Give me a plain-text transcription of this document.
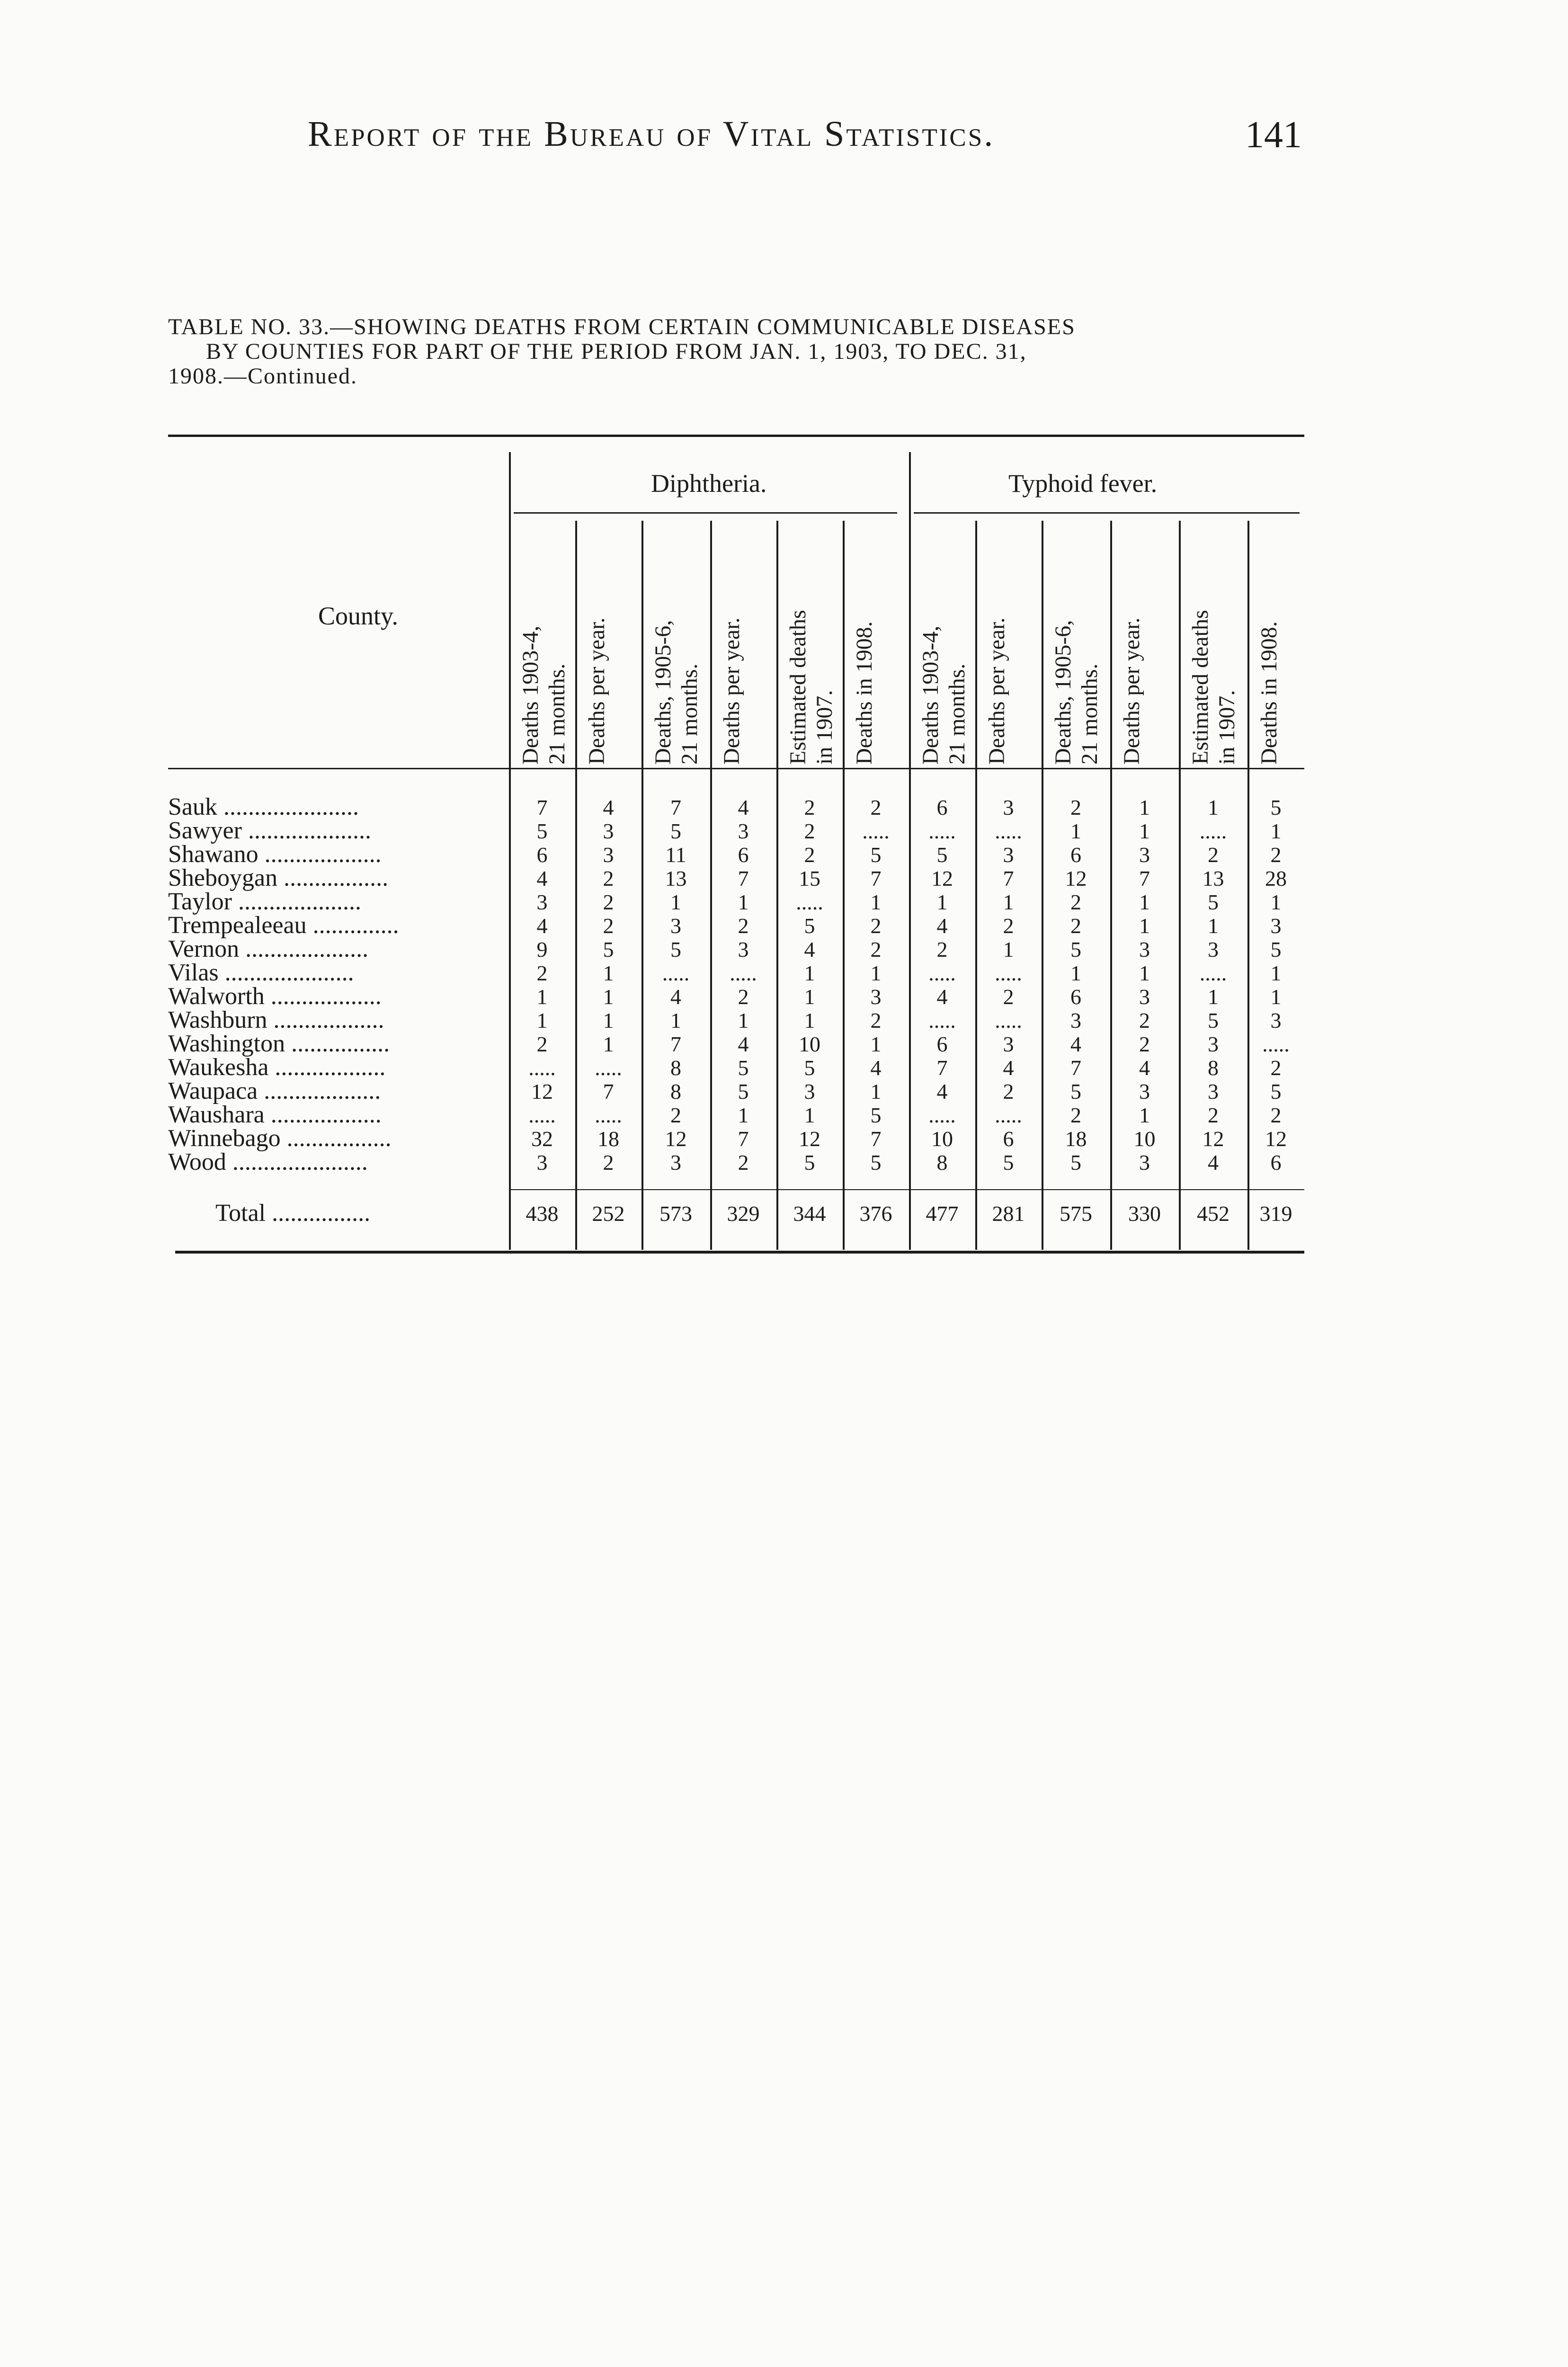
Report of the Bureau of Vital Statistics.	141
TABLE NO. 33.—SHOWING DEATHS FROM CERTAIN COMMUNICABLE DISEASES
BY COUNTIES FOR PART OF THE PERIOD FROM JAN. 1, 1903, TO DEC. 31,
1908.—Continued.
Diphtheria.	Typhoid fever.
County.
Deaths 1903-4, 21 months. Deaths per year. Deaths, 1905-6, 21 months. Deaths per year. Estimated deaths in 1907. Deaths in 1908. Deaths 1903-4, 21 months. Deaths per year. Deaths, 1905-6, 21 months. Deaths per year. Estimated deaths in 1907. Deaths in 1908.
Sauk ......................	7	4	7	4	2	2	6	3	2	1	1	5
Sawyer ....................	5	3	5	3	2	.....	.....	.....	1	1	.....	1
Shawano ...................	6	3	11	6	2	5	5	3	6	3	2	2
Sheboygan .................	4	2	13	7	15	7	12	7	12	7	13	28
Taylor ....................	3	2	1	1	.....	1	1	1	2	1	5	1
Trempealeeau ..............	4	2	3	2	5	2	4	2	2	1	1	3
Vernon ....................	9	5	5	3	4	2	2	1	5	3	3	5
Vilas .....................	2	1	.....	.....	1	1	.....	.....	1	1	.....	1
Walworth ..................	1	1	4	2	1	3	4	2	6	3	1	1
Washburn ..................	1	1	1	1	1	2	.....	.....	3	2	5	3
Washington ................	2	1	7	4	10	1	6	3	4	2	3	.....
Waukesha ..................	.....	.....	8	5	5	4	7	4	7	4	8	2
Waupaca ...................	12	7	8	5	3	1	4	2	5	3	3	5
Waushara ..................	.....	.....	2	1	1	5	.....	.....	2	1	2	2
Winnebago .................	32	18	12	7	12	7	10	6	18	10	12	12
Wood ......................	3	2	3	2	5	5	8	5	5	3	4	6
Total ................	438	252	573	329	344	376	477	281	575	330	452	319
